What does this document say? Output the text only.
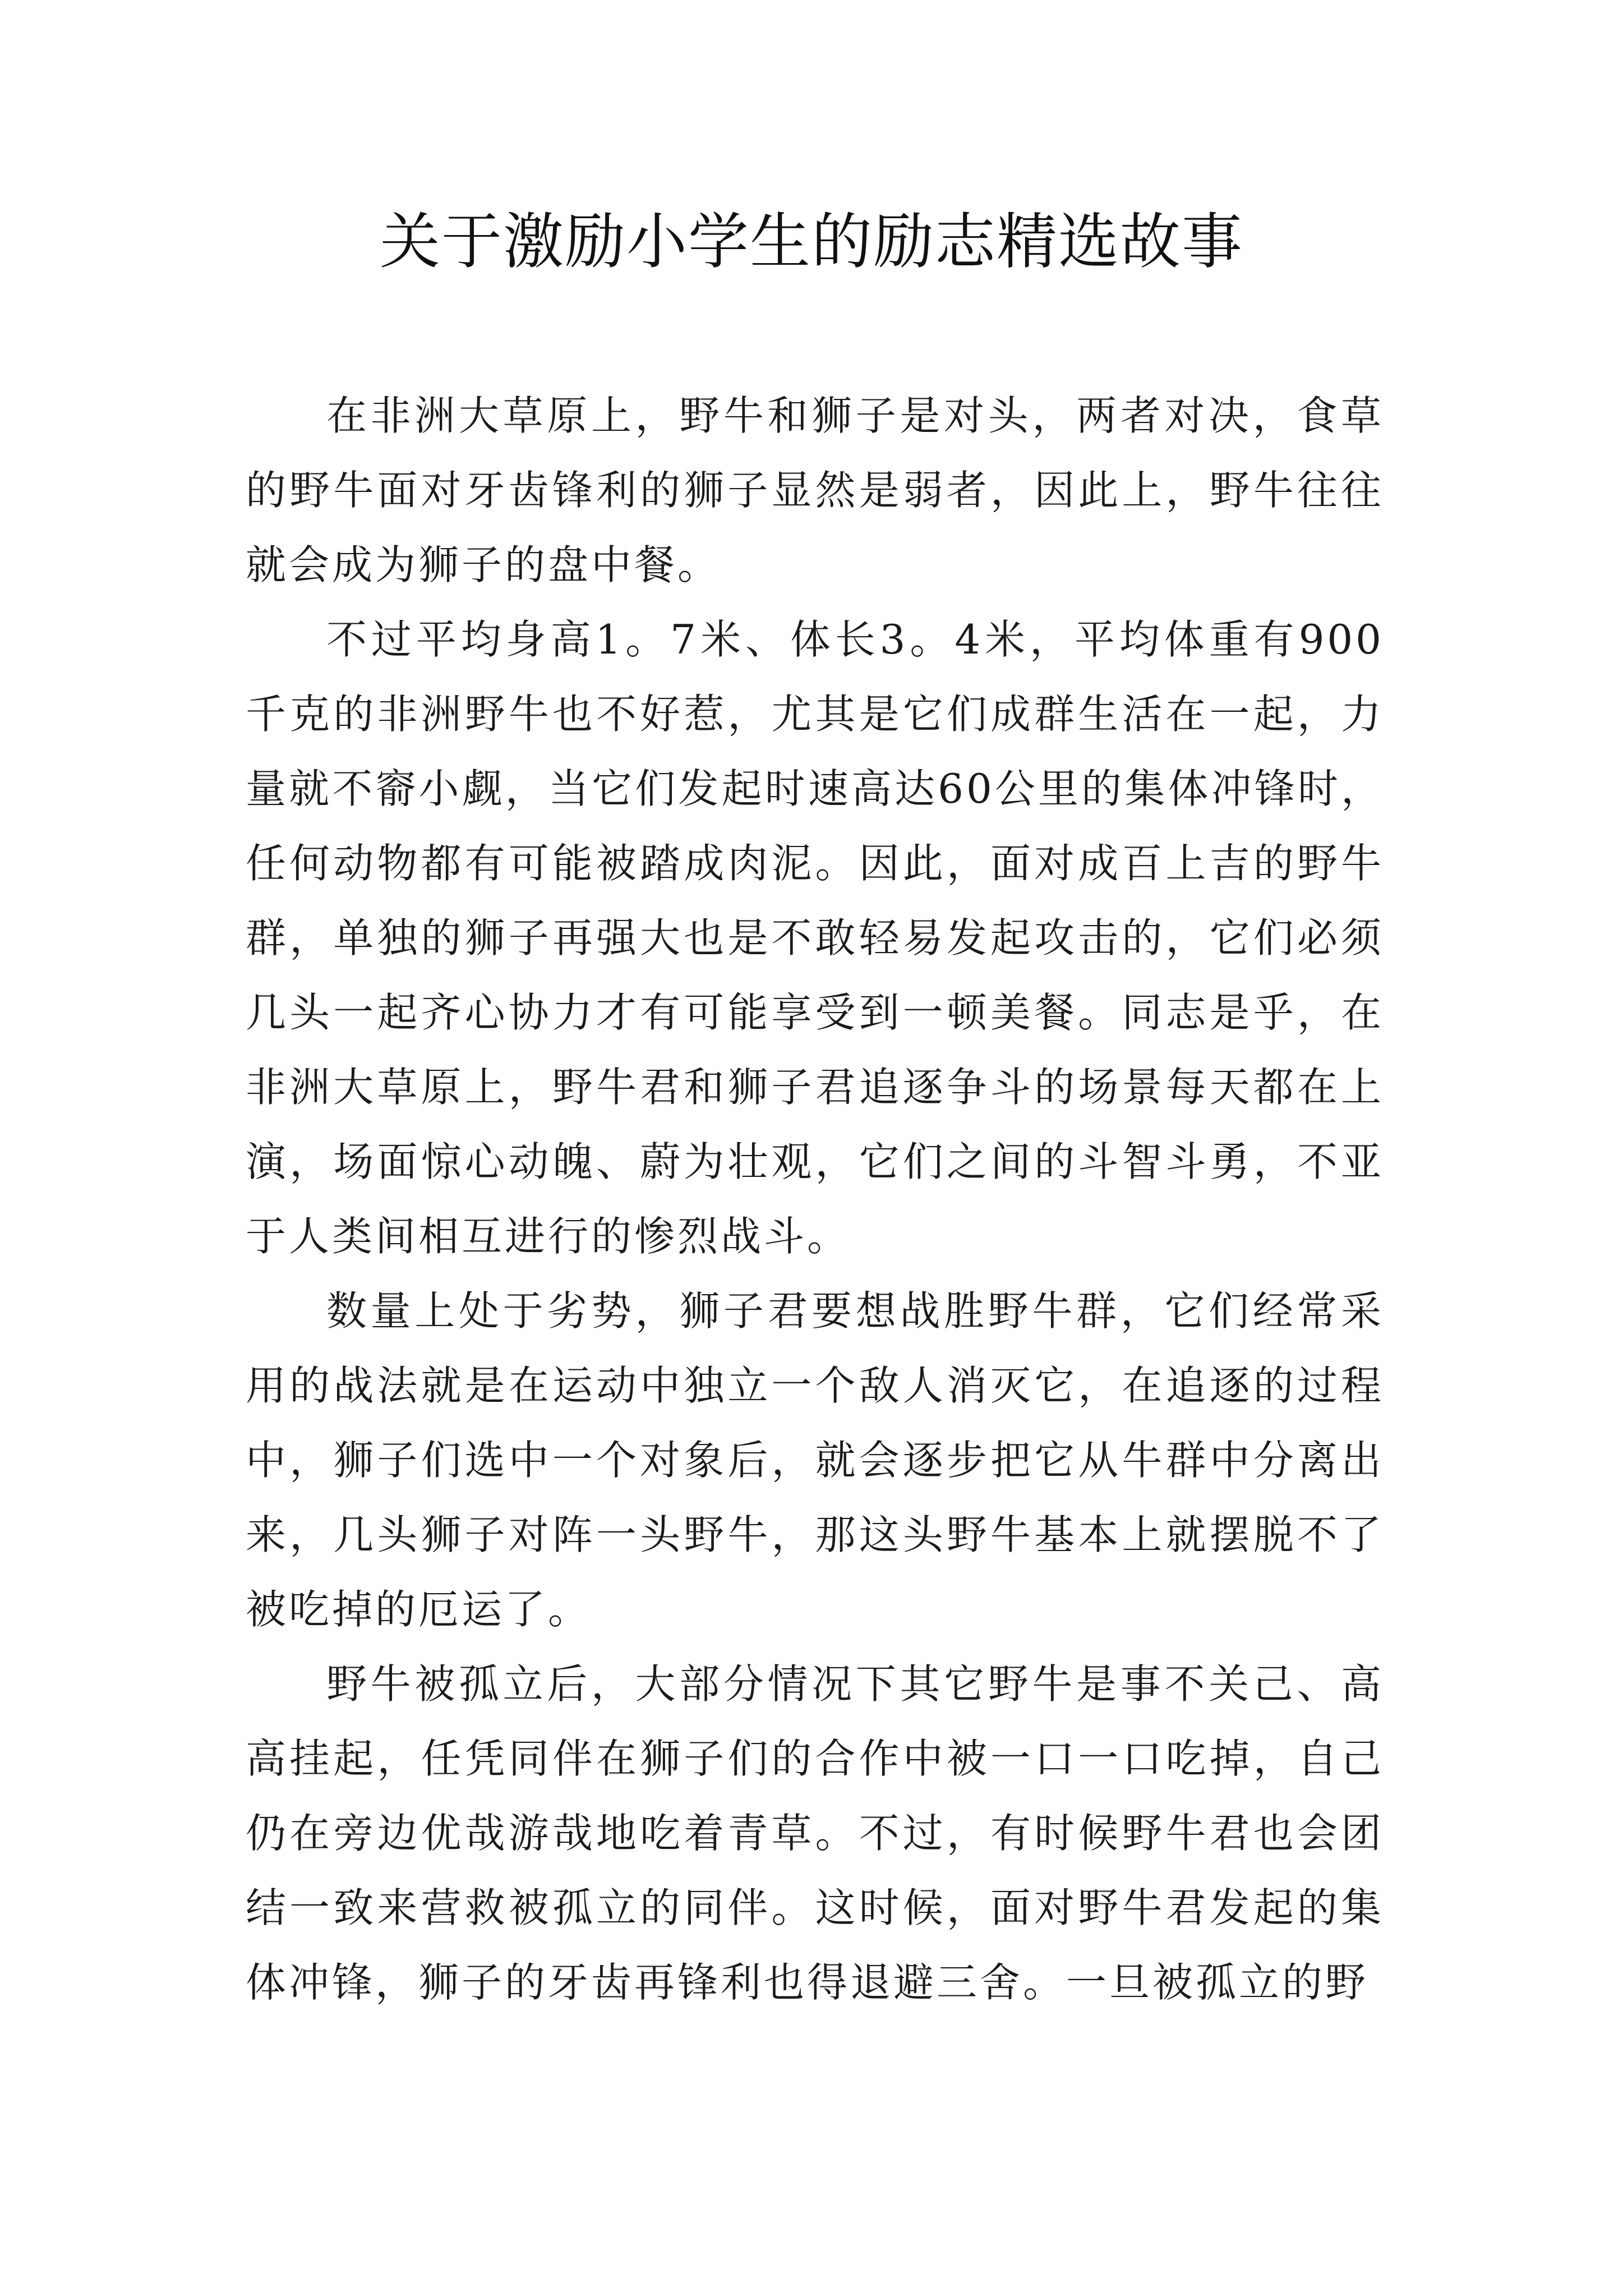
关于激励小学生的励志精选故事

在非洲大草原上，野牛和狮子是对头，两者对决，食草的野牛面对牙齿锋利的狮子显然是弱者，因此上，野牛往往就会成为狮子的盘中餐。

不过平均身高1。7米、体长3。4米，平均体重有900千克的非洲野牛也不好惹，尤其是它们成群生活在一起，力量就不窬小觑，当它们发起时速高达60公里的集体冲锋时，任何动物都有可能被踏成肉泥。因此，面对成百上吉的野牛群，单独的狮子再强大也是不敢轻易发起攻击的，它们必须几头一起齐心协力才有可能享受到一顿美餐。同志是乎，在非洲大草原上，野牛君和狮子君追逐争斗的场景每天都在上演，场面惊心动魄、蔚为壮观，它们之间的斗智斗勇，不亚于人类间相互进行的惨烈战斗。

数量上处于劣势，狮子君要想战胜野牛群，它们经常采用的战法就是在运动中独立一个敌人消灭它，在追逐的过程中，狮子们选中一个对象后，就会逐步把它从牛群中分离出来，几头狮子对阵一头野牛，那这头野牛基本上就摆脱不了被吃掉的厄运了。

野牛被孤立后，大部分情况下其它野牛是事不关己、高高挂起，任凭同伴在狮子们的合作中被一口一口吃掉，自己仍在旁边优哉游哉地吃着青草。不过，有时候野牛君也会团结一致来营救被孤立的同伴。这时候，面对野牛君发起的集体冲锋，狮子的牙齿再锋利也得退避三舍。一旦被孤立的野
